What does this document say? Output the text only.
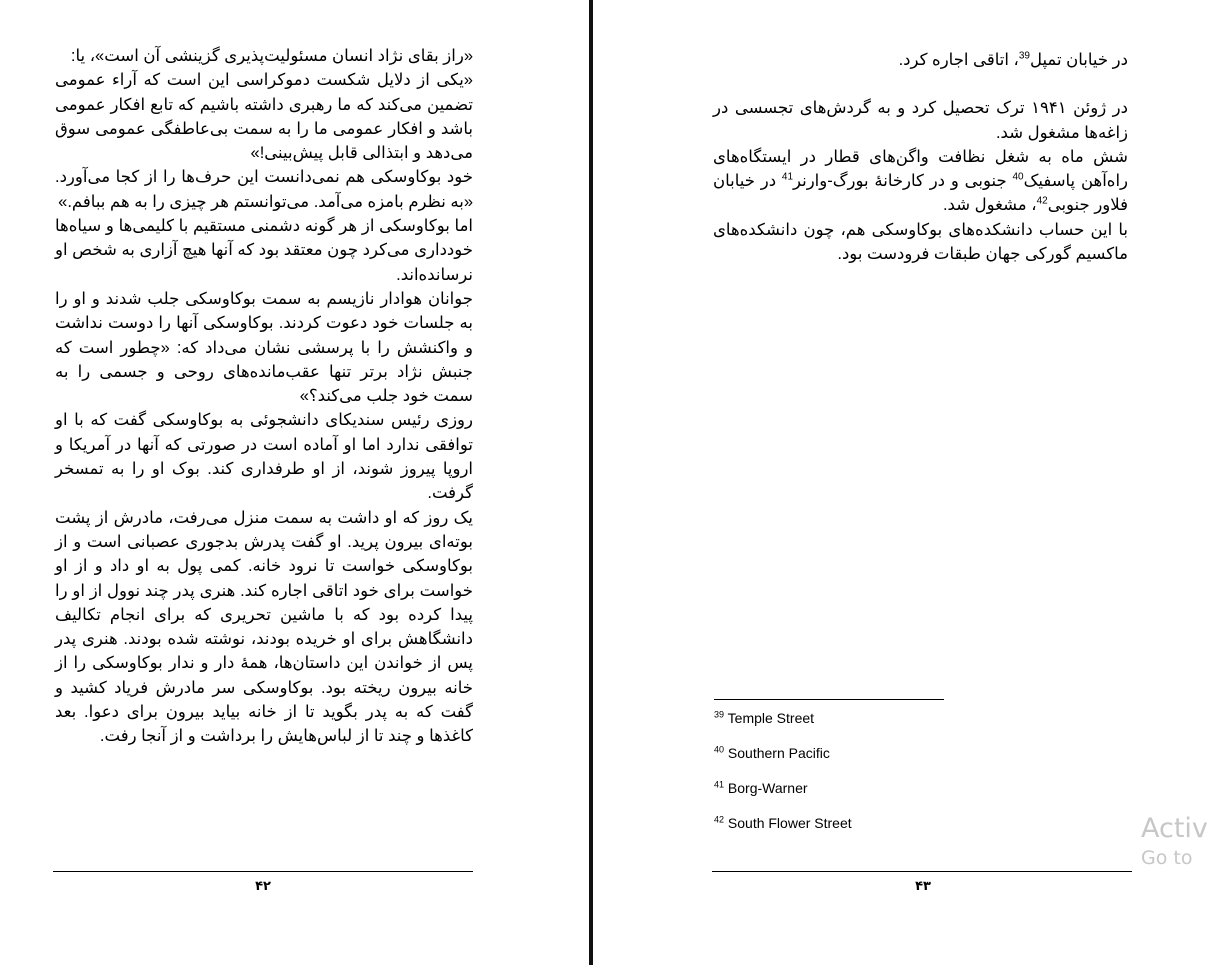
«راز بقای نژاد انسان مسئولیت‌پذیری گزینشی آن است»، یا:

«یکی از دلایل شکست دموکراسی این است که آراء عمومی تضمین می‌کند که ما رهبری داشته باشیم که تابع افکار عمومی باشد و افکار عمومی ما را به سمت بی‌عاطفگی عمومی سوق می‌دهد و ابتذالی قابل پیش‌بینی!»

خود بوکاوسکی هم نمی‌دانست این حرف‌ها را از کجا می‌آورد. «به نظرم بامزه می‌آمد. می‌توانستم هر چیزی را به هم ببافم.»

اما بوکاوسکی از هر گونه دشمنی مستقیم با کلیمی‌ها و سیاه‌ها خودداری می‌کرد چون معتقد بود که آنها هیچ آزاری به شخص او نرسانده‌اند.

جوانان هوادار نازیسم به سمت بوکاوسکی جلب شدند و او را به جلسات خود دعوت کردند. بوکاوسکی آنها را دوست نداشت و واکنشش را با پرسشی نشان می‌داد که: «چطور است که جنبش نژاد برتر تنها عقب‌مانده‌های روحی و جسمی را به سمت خود جلب می‌کند؟»

روزی رئیس سندیکای دانشجوئی به بوکاوسکی گفت که با او توافقی ندارد اما او آماده است در صورتی که آنها در آمریکا و اروپا پیروز شوند، از او طرفداری کند. بوک او را به تمسخر گرفت.

یک روز که او داشت به سمت منزل می‌رفت، مادرش از پشت بوته‌ای بیرون پرید. او گفت پدرش بدجوری عصبانی است و از بوکاوسکی خواست تا نرود خانه. کمی پول به او داد و از او خواست برای خود اتاقی اجاره کند. هنری پدر چند نوول از او را پیدا کرده بود که با ماشین تحریری که برای انجام تکالیف دانشگاهش برای او خریده بودند، نوشته شده بودند. هنری پدر پس از خواندن این داستان‌ها، همهٔ دار و ندار بوکاوسکی را از خانه بیرون ریخته بود. بوکاوسکی سر مادرش فریاد کشید و گفت که به پدر بگوید تا از خانه بیاید بیرون برای دعوا. بعد کاغذها و چند تا از لباس‌هایش را برداشت و از آنجا رفت.

۴۲

در خیابان تمپل$^{39}$، اتاقی اجاره کرد.

در ژوئن ۱۹۴۱ ترک تحصیل کرد و به گردش‌های تجسسی در زاغه‌ها مشغول شد.

شش ماه به شغل نظافت واگن‌های قطار در ایستگاه‌های راه‌آهن پاسفیک$^{40}$ جنوبی و در کارخانهٔ بورگ-وارنر$^{41}$ در خیابان فلاور جنوبی$^{42}$، مشغول شد.

با این حساب دانشکده‌های بوکاوسکی هم، چون دانشکده‌های ماکسیم گورکی جهان طبقات فرودست بود.

$^{39}$ Temple Street
$^{40}$ Southern Pacific
$^{41}$ Borg-Warner
$^{42}$ South Flower Street
۴۳
Activ
Go to
